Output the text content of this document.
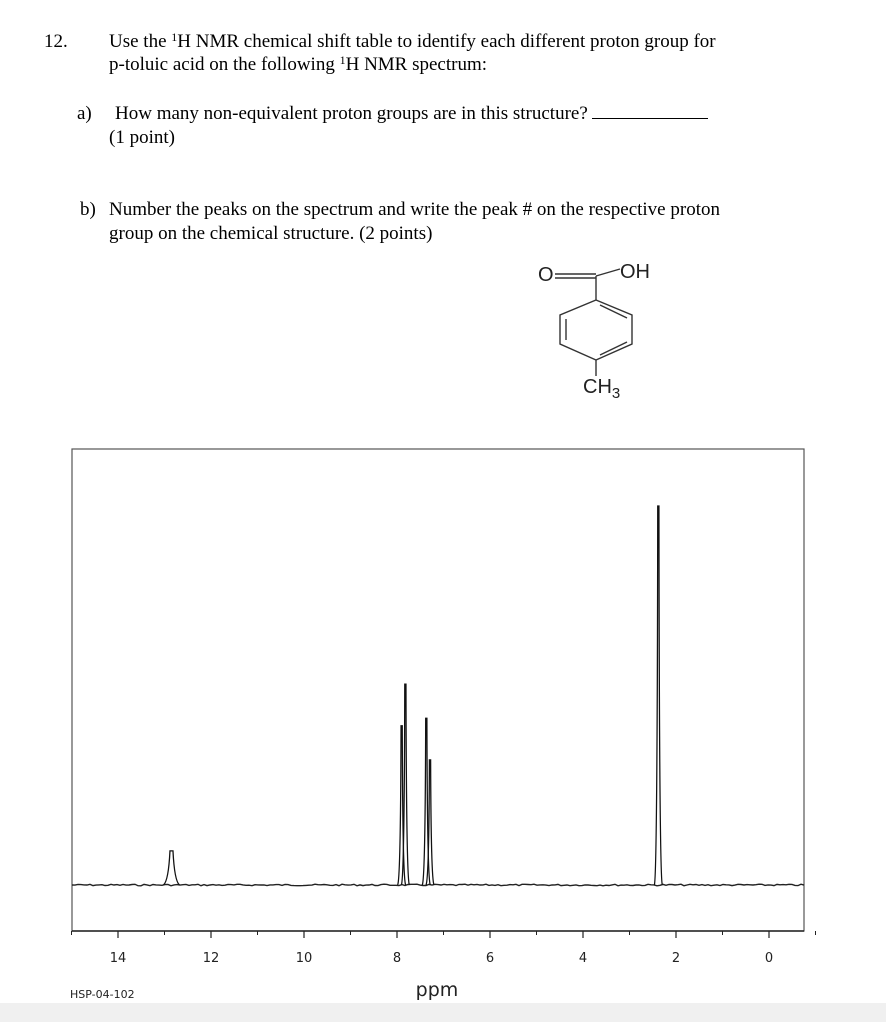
12. Use the $^1$H NMR chemical shift table to identify each different proton group for
p-toluic acid on the following $^1$H NMR spectrum:
a) How many non-equivalent proton groups are in this structure?
(1 point)
b) Number the peaks on the spectrum and write the peak # on the respective proton
group on the chemical structure. (2 points)
O	OH
$CH_3$
14	12	10	8	6	4	2	0
ppm
HSP-04-102
